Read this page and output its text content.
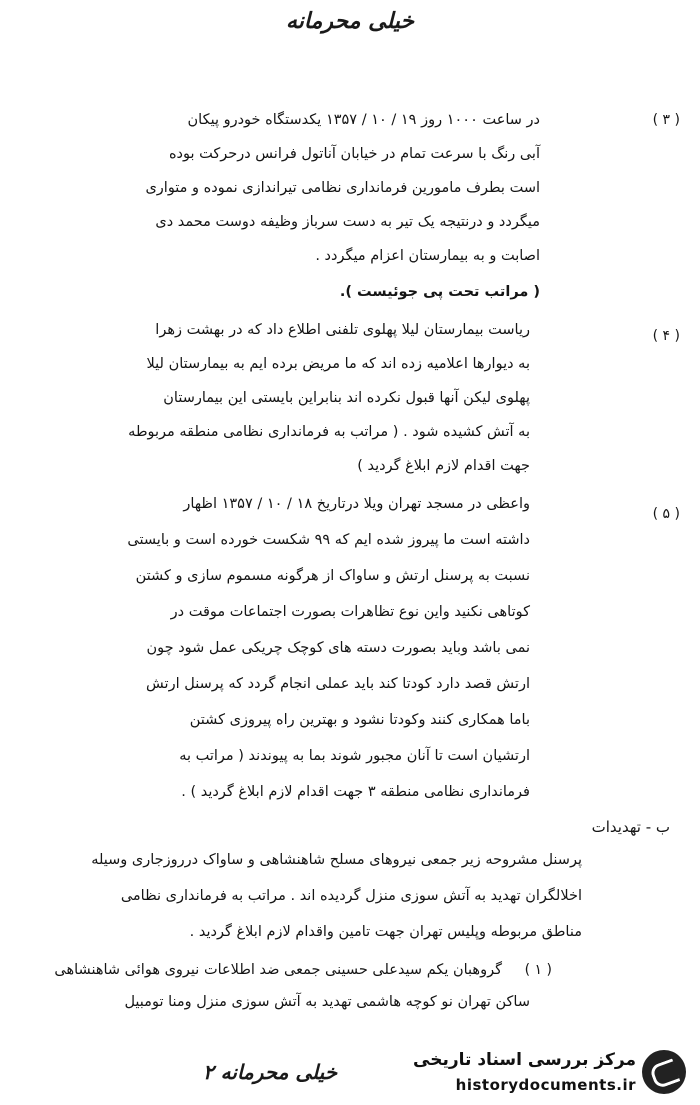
خیلی محرمانه
( ۳ )
در ساعت ۱۰۰۰ روز ۱۹ / ۱۰ / ۱۳۵۷ یکدستگاه خودرو پیکان
آبی رنگ با سرعت تمام در خیابان آناتول فرانس درحرکت بوده
است بطرف مامورین فرمانداری نظامی تیراندازی نموده و متواری
میگردد و درنتیجه یک تیر به دست سرباز وظیفه دوست محمد دی
اصابت و به بیمارستان اعزام میگردد .
( مراتب تحت پی جوئیست ).
( ۴ )
ریاست بیمارستان لیلا پهلوی تلفنی اطلاع داد که در بهشت زهرا
به دیوارها اعلامیه زده اند که ما مریض برده ایم به بیمارستان لیلا
پهلوی لیکن آنها قبول نکرده اند بنابراین بایستی این بیمارستان
به آتش کشیده شود . ( مراتب به فرمانداری نظامی منطقه مربوطه
جهت اقدام لازم ابلاغ گردید )
( ۵ )
واعظی در مسجد تهران ویلا درتاریخ ۱۸ / ۱۰ / ۱۳۵۷ اظهار
داشته است ما پیروز شده ایم که ۹۹ شکست خورده است و بایستی
نسبت به پرسنل ارتش و ساواک از هرگونه مسموم سازی و کشتن
کوتاهی نکنید واین نوع تظاهرات بصورت اجتماعات موقت در
نمی باشد وباید بصورت دسته های کوچک چریکی عمل شود چون
ارتش قصد دارد کودتا کند باید عملی انجام گردد که پرسنل ارتش
باما همکاری کنند وکودتا نشود و بهترین راه پیروزی کشتن
ارتشیان است تا آنان مجبور شوند بما به پیوندند ( مراتب به
فرمانداری نظامی منطقه ۳ جهت اقدام لازم ابلاغ گردید ) .
ب - تهدیدات
پرسنل مشروحه زیر جمعی نیروهای مسلح شاهنشاهی و ساواک درروزجاری وسیله
اخلالگران تهدید به آتش سوزی منزل گردیده اند . مراتب به فرمانداری نظامی
مناطق مربوطه وپلیس تهران جهت تامین واقدام لازم ابلاغ گردید .
( ۱ )
گروهبان یکم سیدعلی حسینی جمعی ضد اطلاعات نیروی هوائی شاهنشاهی
ساکن تهران نو کوچه هاشمی تهدید به آتش سوزی منزل ومنا تومبیل
خیلی محرمانه ۲	مرکز بررسی اسناد تاریخی
historydocuments.ir
